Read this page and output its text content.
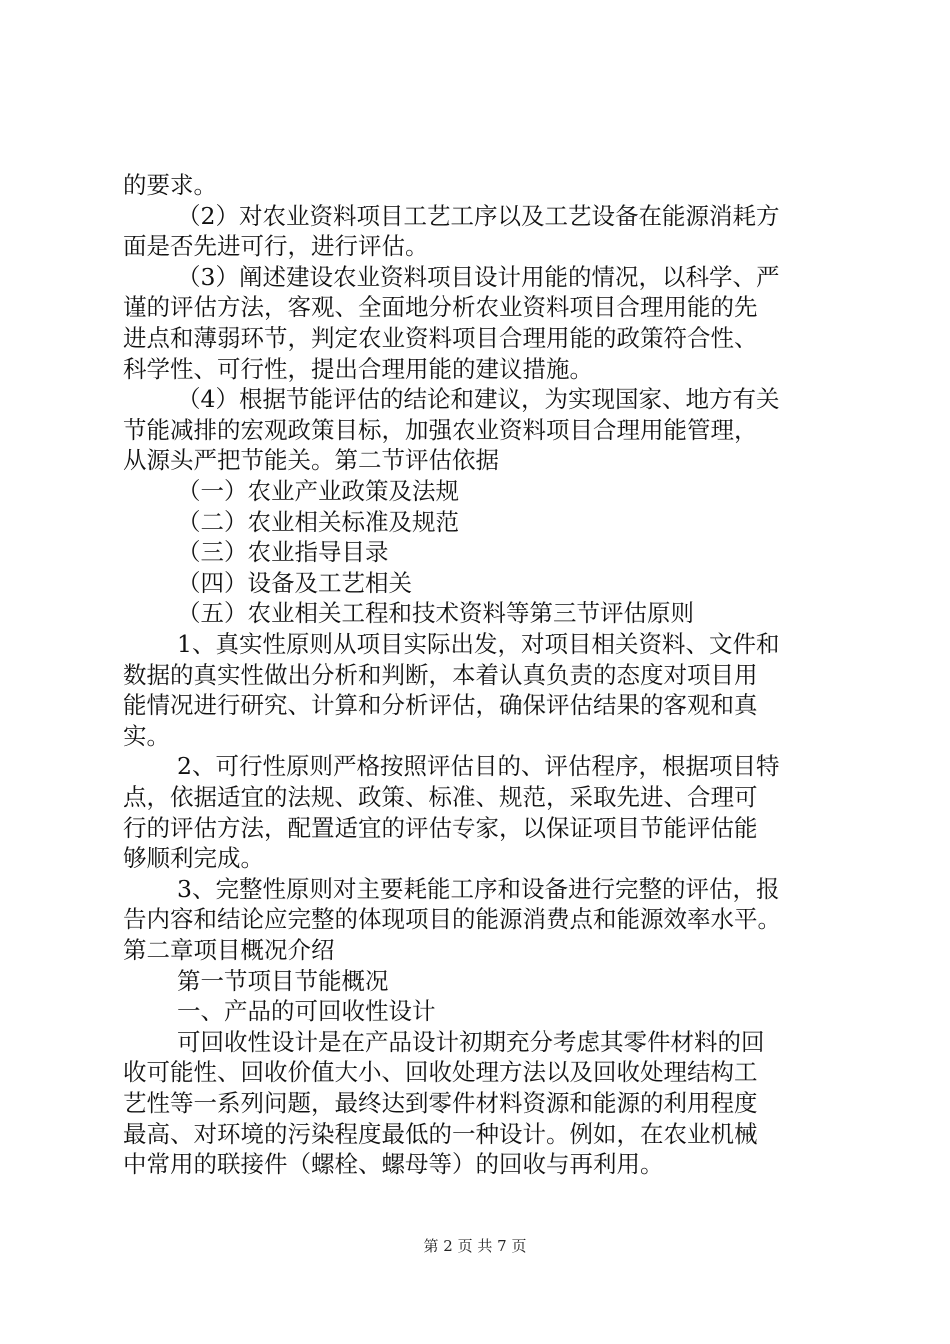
的要求。
（2）对农业资料项目工艺工序以及工艺设备在能源消耗方
面是否先进可行，进行评估。
（3）阐述建设农业资料项目设计用能的情况，以科学、严
谨的评估方法，客观、全面地分析农业资料项目合理用能的先
进点和薄弱环节，判定农业资料项目合理用能的政策符合性、
科学性、可行性，提出合理用能的建议措施。
（4）根据节能评估的结论和建议，为实现国家、地方有关
节能减排的宏观政策目标，加强农业资料项目合理用能管理，
从源头严把节能关。第二节评估依据
（一）农业产业政策及法规
（二）农业相关标准及规范
（三）农业指导目录
（四）设备及工艺相关
（五）农业相关工程和技术资料等第三节评估原则
1、真实性原则从项目实际出发，对项目相关资料、文件和
数据的真实性做出分析和判断，本着认真负责的态度对项目用
能情况进行研究、计算和分析评估，确保评估结果的客观和真
实。
2、可行性原则严格按照评估目的、评估程序，根据项目特
点，依据适宜的法规、政策、标准、规范，采取先进、合理可
行的评估方法，配置适宜的评估专家，以保证项目节能评估能
够顺利完成。
3、完整性原则对主要耗能工序和设备进行完整的评估，报
告内容和结论应完整的体现项目的能源消费点和能源效率水平。
第二章项目概况介绍
第一节项目节能概况
一、产品的可回收性设计
可回收性设计是在产品设计初期充分考虑其零件材料的回
收可能性、回收价值大小、回收处理方法以及回收处理结构工
艺性等一系列问题，最终达到零件材料资源和能源的利用程度
最高、对环境的污染程度最低的一种设计。例如，在农业机械
中常用的联接件（螺栓、螺母等）的回收与再利用。
第 2 页 共 7 页
